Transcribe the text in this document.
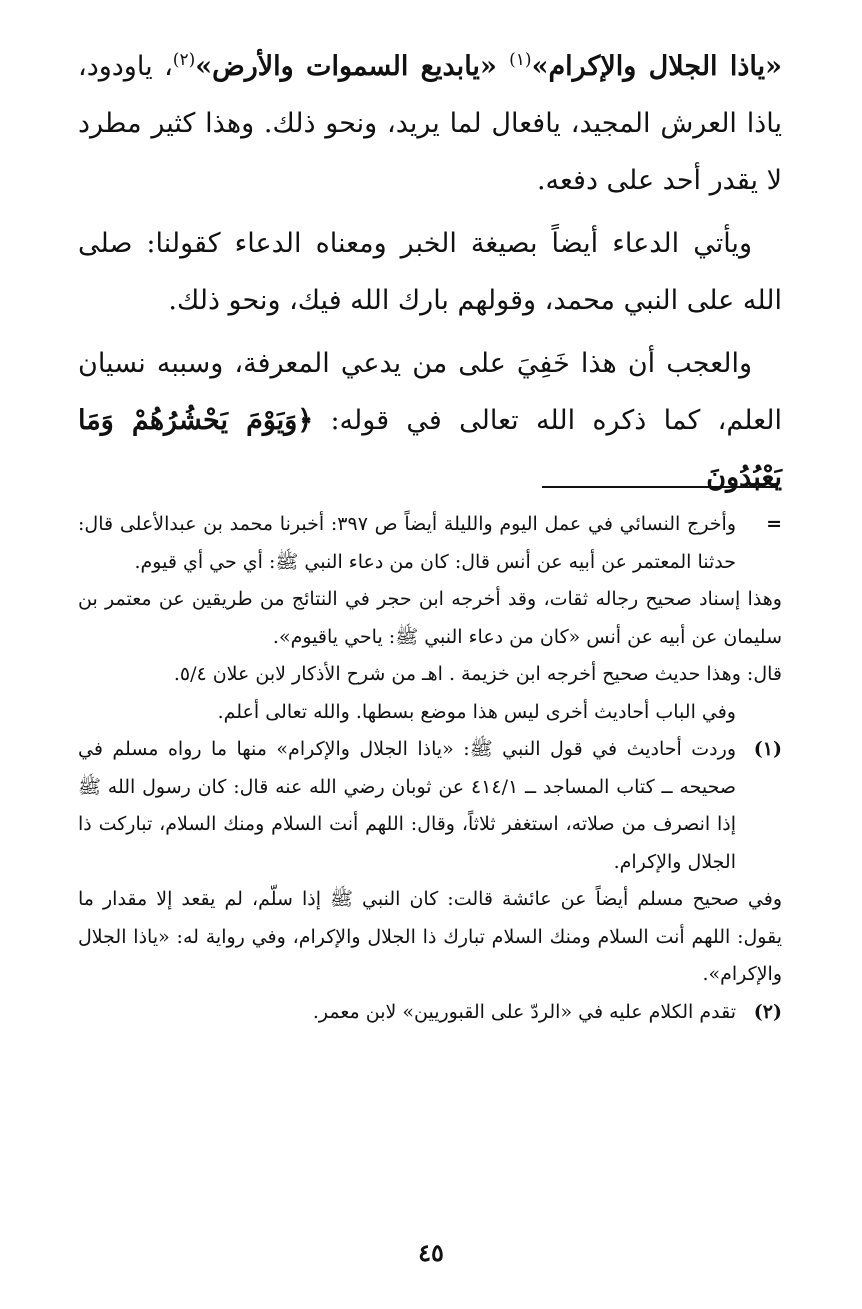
«ياذا الجلال والإكرام»$^{(١)}$ «يابديع السموات والأرض»$^{(٢)}$، ياودود، ياذا العرش المجيد، يافعال لما يريد، ونحو ذلك. وهذا كثير مطرد لا يقدر أحد على دفعه.

ويأتي الدعاء أيضاً بصيغة الخبر ومعناه الدعاء كقولنا: صلى الله على النبي محمد، وقولهم بارك الله فيك، ونحو ذلك.

والعجب أن هذا خَفِيَ على من يدعي المعرفة، وسببه نسيان العلم، كما ذكره الله تعالى في قوله: ﴿وَيَوْمَ يَحْشُرُهُمْ وَمَا يَعْبُدُونَ

=

وأخرج النسائي في عمل اليوم والليلة أيضاً ص ٣٩٧: أخبرنا محمد بن عبدالأعلى قال: حدثنا المعتمر عن أبيه عن أنس قال: كان من دعاء النبي ﷺ: أي حي أي قيوم.

وهذا إسناد صحيح رجاله ثقات، وقد أخرجه ابن حجر في النتائج من طريقين عن معتمر بن سليمان عن أبيه عن أنس «كان من دعاء النبي ﷺ: ياحي ياقيوم».

قال: وهذا حديث صحيح أخرجه ابن خزيمة . اهـ من شرح الأذكار لابن علان ٥/٤.

وفي الباب أحاديث أخرى ليس هذا موضع بسطها. والله تعالى أعلم.

(١)

وردت أحاديث في قول النبي ﷺ: «ياذا الجلال والإكرام» منها ما رواه مسلم في صحيحه ــ كتاب المساجد ــ ٤١٤/١ عن ثوبان رضي الله عنه قال: كان رسول الله ﷺ إذا انصرف من صلاته، استغفر ثلاثاً، وقال: اللهم أنت السلام ومنك السلام، تباركت ذا الجلال والإكرام.

وفي صحيح مسلم أيضاً عن عائشة قالت: كان النبي ﷺ إذا سلّم، لم يقعد إلا مقدار ما يقول: اللهم أنت السلام ومنك السلام تبارك ذا الجلال والإكرام، وفي رواية له: «ياذا الجلال والإكرام».

(٢)

تقدم الكلام عليه في «الردّ على القبوريين» لابن معمر.

٤٥
